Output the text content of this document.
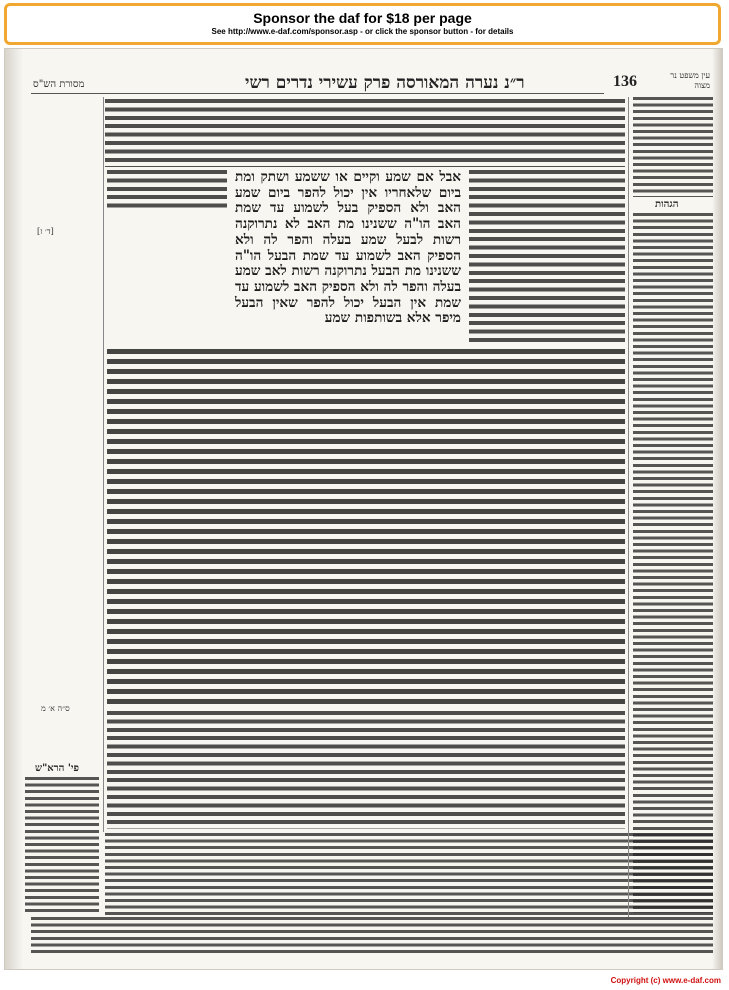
Sponsor the daf for $18 per page
See http://www.e-daf.com/sponsor.asp - or click the sponsor button - for details
מסורת הש"ס	ר״נ נערה המאורסה פרק עשירי נדרים רשי	136	עין משפט נר מצוה
[ד׳ ז]
אבל אם שמע וקיים או ששמע ושתק ומת ביום שלאחריו אין יכול להפר ביום שמע האב ולא הספיק בעל לשמוע עד שמת האב הו"ה ששנינו מת האב לא נתרוקנה רשות לבעל שמע בעלה והפר לה ולא הספיק האב לשמוע עד שמת הבעל הו"ה ששנינו מת הבעל נתרוקנה רשות לאב שמע בעלה והפר לה ולא הספיק האב לשמוע עד שמת אין הבעל יכול להפר שאין הבעל מיפר אלא בשותפות שמע
פי' הרא"ש
ס״ה א׳ מ
הגהות
Copyright (c) www.e-daf.com
